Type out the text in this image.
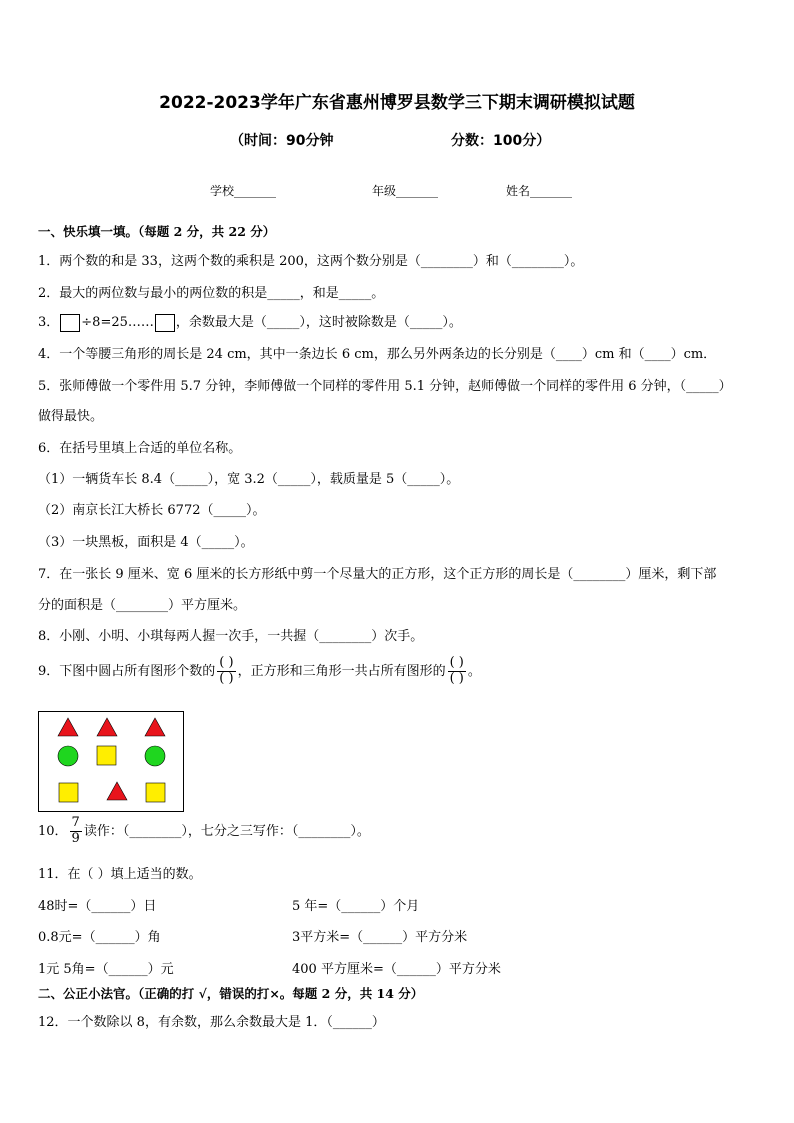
2022-2023学年广东省惠州博罗县数学三下期末调研模拟试题
（时间：90分钟	分数：100分）
学校_______	年级_______	姓名_______
一、快乐填一填。（每题 2 分，共 22 分）
1．两个数的和是 33，这两个数的乘积是 200，这两个数分别是（________）和（________）。
2．最大的两位数与最小的两位数的积是_____，和是_____。
3． ÷8=25…… ，余数最大是（_____），这时被除数是（_____）。
4．一个等腰三角形的周长是 24 cm，其中一条边长 6 cm，那么另外两条边的长分别是（____）cm 和（____）cm．
5．张师傅做一个零件用 5.7 分钟，李师傅做一个同样的零件用 5.1 分钟，赵师傅做一个同样的零件用 6 分钟，（_____）
做得最快。
6．在括号里填上合适的单位名称。
（1）一辆货车长 8.4（_____），宽 3.2（_____），载质量是 5（_____）。
（2）南京长江大桥长 6772（_____）。
（3）一块黑板，面积是 4（_____）。
7．在一张长 9 厘米、宽 6 厘米的长方形纸中剪一个尽量大的正方形，这个正方形的周长是（________）厘米，剩下部
分的面积是（________）平方厘米。
8．小刚、小明、小琪每两人握一次手，一共握（________）次手。
9．下图中圆占所有图形个数的 $\frac{( )}{( )}$ ，正方形和三角形一共占所有图形的 $\frac{( )}{( )}$ 。
10． $\frac{7}{9}$ 读作：（________），七分之三写作：（________）。
11．在（ ）填上适当的数。
48时=（______）日	5 年=（______）个月
0.8元=（______）角	3平方米=（______）平方分米
1元 5角=（______）元	400 平方厘米=（______）平方分米
二、公正小法官。（正确的打 √，错误的打×。每题 2 分，共 14 分）
12．一个数除以 8，有余数，那么余数最大是 1．（______）
